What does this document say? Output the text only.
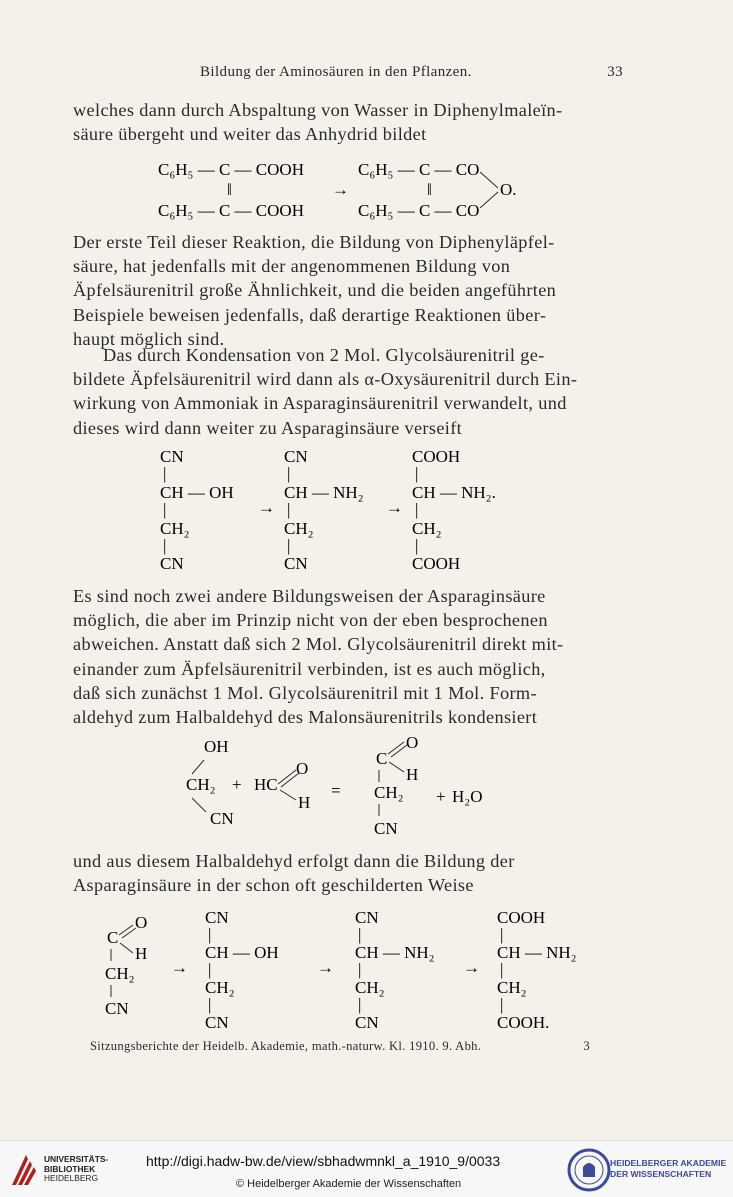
Bildung der Aminosäuren in den Pflanzen.	33
welches dann durch Abspaltung von Wasser in Diphenylmaleïn-
säure übergeht und weiter das Anhydrid bildet
C₆H₅ — C — COOH
‖
C₆H₅ — C — COOH
→
C₆H₅ — C — CO
‖
C₆H₅ — C — CO
O.
Der erste Teil dieser Reaktion, die Bildung von Diphenyläpfel-
säure, hat jedenfalls mit der angenommenen Bildung von
Äpfelsäurenitril große Ähnlichkeit, und die beiden angeführten
Beispiele beweisen jedenfalls, daß derartige Reaktionen über-
haupt möglich sind.
Das durch Kondensation von 2 Mol. Glycolsäurenitril ge-
bildete Äpfelsäurenitril wird dann als α-Oxysäurenitril durch Ein-
wirkung von Ammoniak in Asparaginsäurenitril verwandelt, und
dieses wird dann weiter zu Asparaginsäure verseift
CN
|
CH — OH
|
CH₂
|
CN
→
CN
|
CH — NH₂
|
CH₂
|
CN
→
COOH
|
CH — NH₂.
|
CH₂
|
COOH
Es sind noch zwei andere Bildungsweisen der Asparaginsäure
möglich, die aber im Prinzip nicht von der eben besprochenen
abweichen. Anstatt daß sich 2 Mol. Glycolsäurenitril direkt mit-
einander zum Äpfelsäurenitril verbinden, ist es auch möglich,
daß sich zunächst 1 Mol. Glycolsäurenitril mit 1 Mol. Form-
aldehyd zum Halbaldehyd des Malonsäurenitrils kondensiert
OH
CH₂
CN
+ HC
O
H
=
C
O
H
CH₂
CN
+ H₂O
und aus diesem Halbaldehyd erfolgt dann die Bildung der
Asparaginsäure in der schon oft geschilderten Weise
C
O
H
CH₂
CN
→
CN
|
CH — OH
|
CH₂
|
CN
→
CN
|
CH — NH₂
|
CH₂
|
CN
→
COOH
|
CH — NH₂
|
CH₂
|
COOH.
Sitzungsberichte der Heidelb. Akademie, math.-naturw. Kl. 1910. 9. Abh.	3
UNIVERSITÄTS-
BIBLIOTHEK
HEIDELBERG
http://digi.hadw-bw.de/view/sbhadwmnkl_a_1910_9/0033
© Heidelberger Akademie der Wissenschaften
HEIDELBERGER AKADEMIE
DER WISSENSCHAFTEN
